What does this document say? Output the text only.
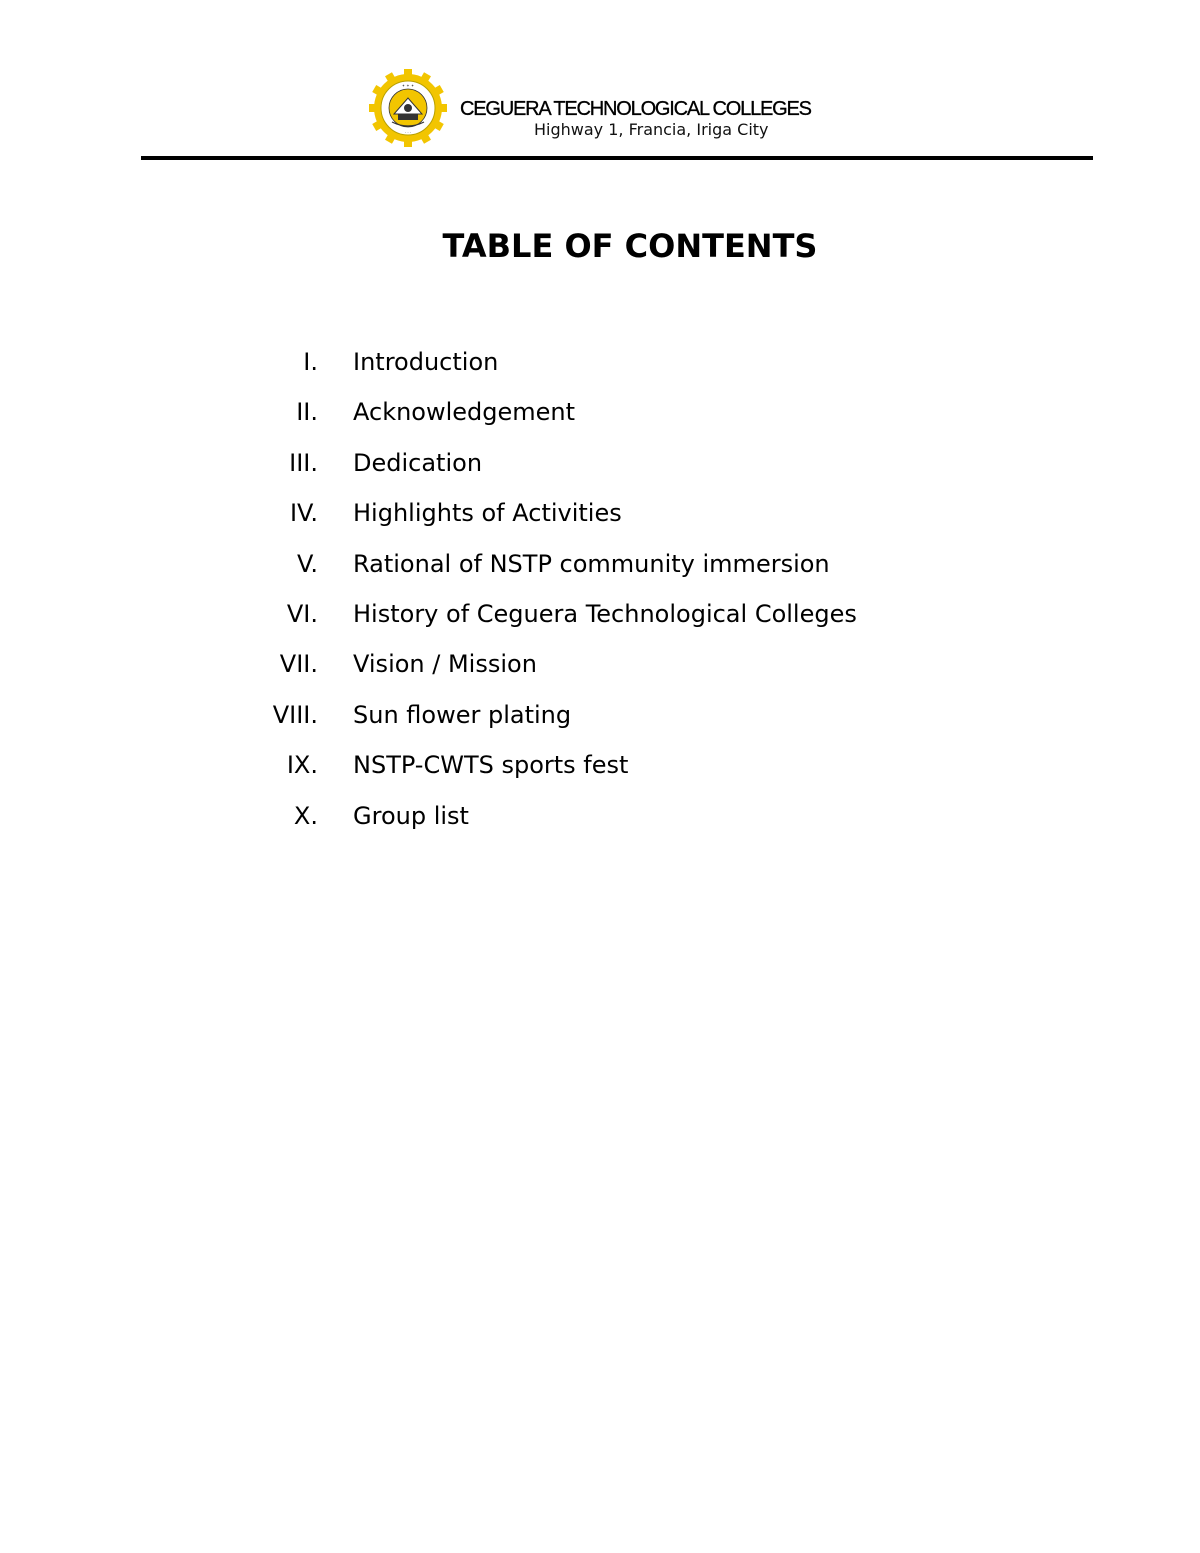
✦ ✦ ✦
· · ·
CEGUERA TECHNOLOGICAL COLLEGES
Highway 1, Francia, Iriga City
TABLE OF CONTENTS
I. Introduction
II. Acknowledgement
III. Dedication
IV. Highlights of Activities
V. Rational of NSTP community immersion
VI. History of Ceguera Technological Colleges
VII. Vision / Mission
VIII. Sun flower plating
IX. NSTP-CWTS sports fest
X. Group list
